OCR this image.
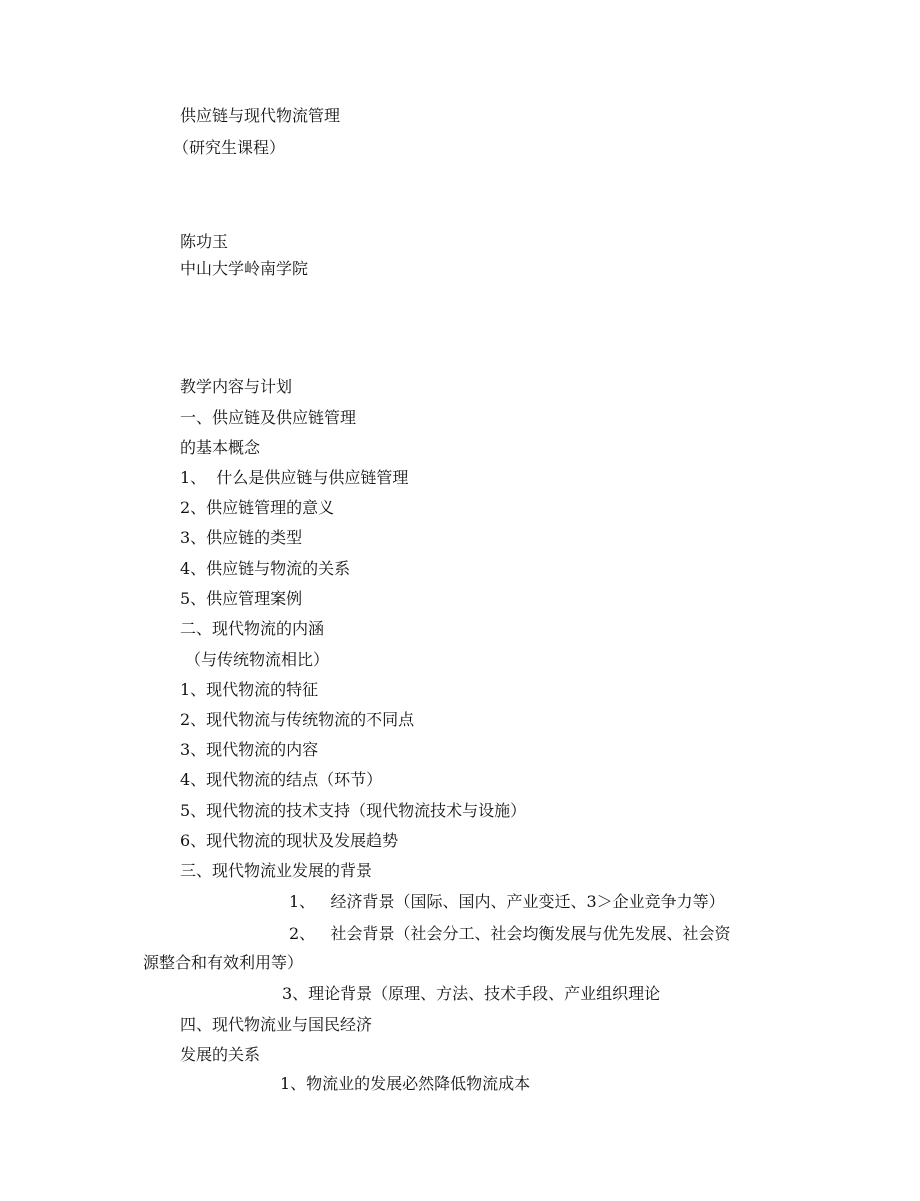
供应链与现代物流管理
（研究生课程）
陈功玉
中山大学岭南学院
教学内容与计划
一、供应链及供应链管理
的基本概念
1、  什么是供应链与供应链管理
2、供应链管理的意义
3、供应链的类型
4、供应链与物流的关系
5、供应管理案例
二、现代物流的内涵
（与传统物流相比）
1、现代物流的特征
2、现代物流与传统物流的不同点
3、现代物流的内容
4、现代物流的结点（环节）
5、现代物流的技术支持（现代物流技术与设施）
6、现代物流的现状及发展趋势
三、现代物流业发展的背景
1、   经济背景（国际、国内、产业变迁、3＞企业竞争力等）
2、   社会背景（社会分工、社会均衡发展与优先发展、社会资
源整合和有效利用等）
3、理论背景（原理、方法、技术手段、产业组织理论
四、现代物流业与国民经济
发展的关系
1、物流业的发展必然降低物流成本
